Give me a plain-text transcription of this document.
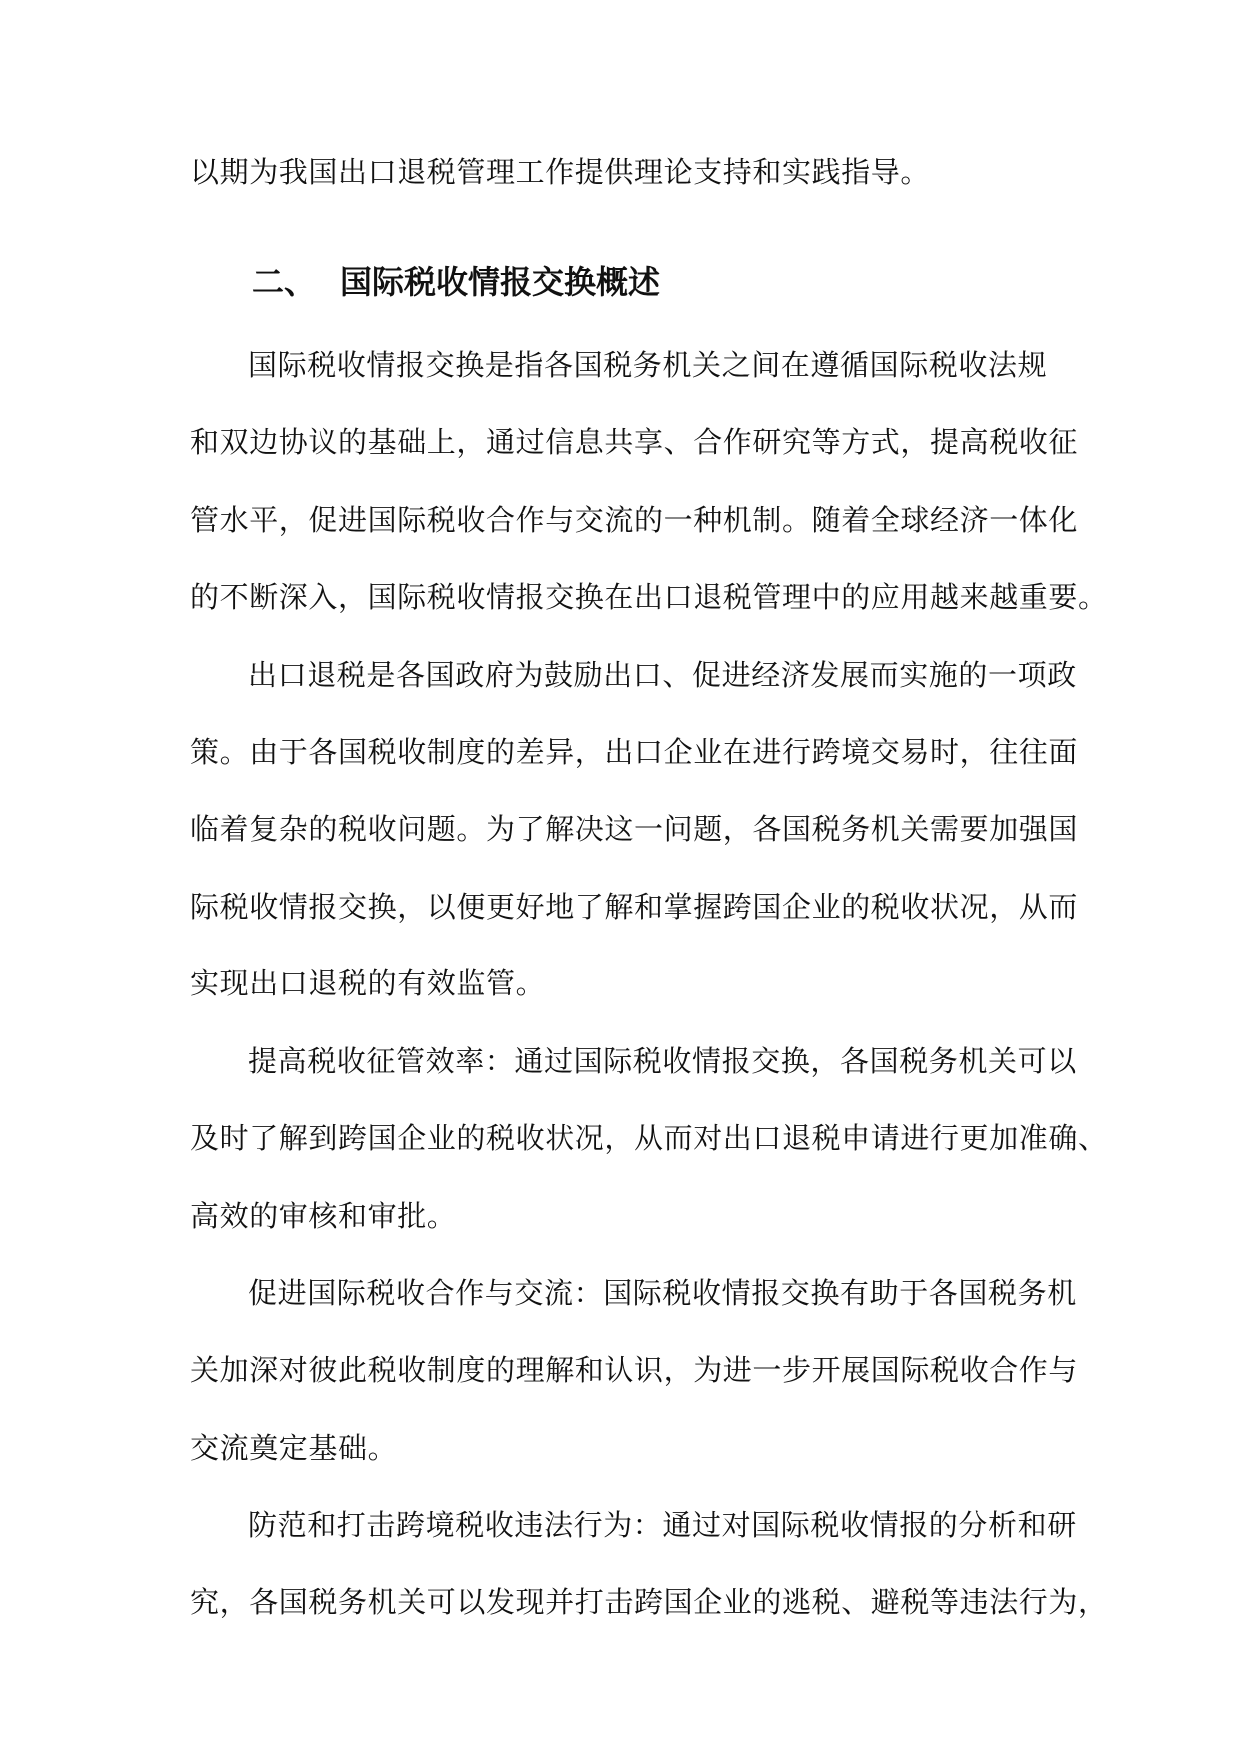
以期为我国出口退税管理工作提供理论支持和实践指导。
二、 国际税收情报交换概述
国际税收情报交换是指各国税务机关之间在遵循国际税收法规
和双边协议的基础上，通过信息共享、合作研究等方式，提高税收征
管水平，促进国际税收合作与交流的一种机制。随着全球经济一体化
的不断深入，国际税收情报交换在出口退税管理中的应用越来越重要。
出口退税是各国政府为鼓励出口、促进经济发展而实施的一项政
策。由于各国税收制度的差异，出口企业在进行跨境交易时，往往面
临着复杂的税收问题。为了解决这一问题，各国税务机关需要加强国
际税收情报交换，以便更好地了解和掌握跨国企业的税收状况，从而
实现出口退税的有效监管。
提高税收征管效率：通过国际税收情报交换，各国税务机关可以
及时了解到跨国企业的税收状况，从而对出口退税申请进行更加准确、
高效的审核和审批。
促进国际税收合作与交流：国际税收情报交换有助于各国税务机
关加深对彼此税收制度的理解和认识，为进一步开展国际税收合作与
交流奠定基础。
防范和打击跨境税收违法行为：通过对国际税收情报的分析和研
究，各国税务机关可以发现并打击跨国企业的逃税、避税等违法行为，
